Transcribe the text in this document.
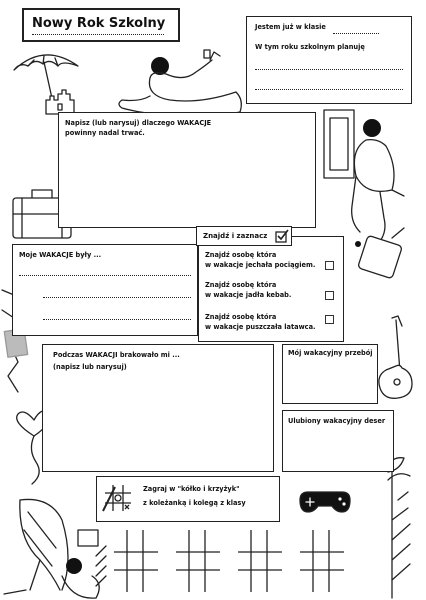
Nowy Rok Szkolny	Jestem już w klasie
W tym roku szkolnym planuję
Napisz (lub narysuj) dlaczego WAKACJE
powinny nadal trwać.
Moje WAKACJE były ...	Znajdź osobę która
w wakacje jechała pociągiem.
Znajdź osobę która
w wakacje jadła kebab.
Znajdź osobę która
w wakacje puszczała latawca.
Znajdź i zaznacz
Podczas WAKACJI brakowało mi ...
(napisz lub narysuj)
Mój wakacyjny przebój
Ulubiony wakacyjny deser
Zagraj w "kółko i krzyżyk"
z koleżanką i kolegą z klasy
